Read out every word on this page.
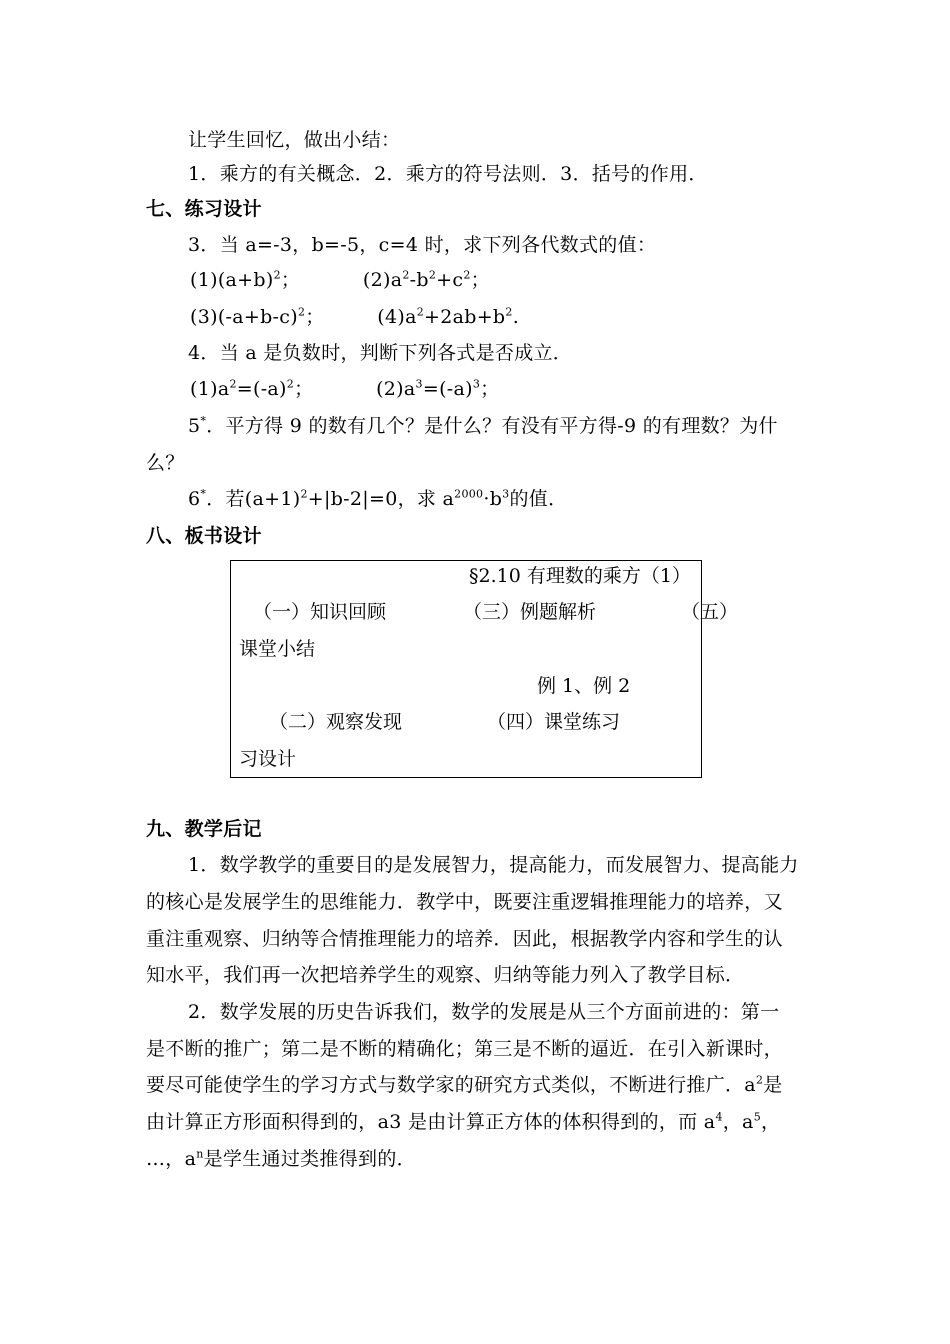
让学生回忆，做出小结：
1．乘方的有关概念．2．乘方的符号法则．3．括号的作用．
七、练习设计
3．当 a=-3，b=-5，c=4 时，求下列各代数式的值：
$(1)(a+b)^2$；	$(2)a^2-b^2+c^2$；
$(3)(-a+b-c)^2$；	$(4)a^2+2ab+b^2$.
4．当 a 是负数时，判断下列各式是否成立．
$(1)a^2=(-a)^2$；	$(2)a^3=(-a)^3$；
5*．平方得 9 的数有几个？是什么？有没有平方得-9 的有理数？为什
么？
6*．若$(a+1)^2+|b-2|=0$，求 $a^{2000}\cdot b^3$的值．
八、板书设计
§2.10 有理数的乘方（1）
（一）知识回顾	（三）例题解析	（五）
课堂小结
例 1、例 2
（二）观察发现	（四）课堂练习
习设计
九、教学后记
1．数学教学的重要目的是发展智力，提高能力，而发展智力、提高能力
的核心是发展学生的思维能力．教学中，既要注重逻辑推理能力的培养，又
重注重观察、归纳等合情推理能力的培养．因此，根据教学内容和学生的认
知水平，我们再一次把培养学生的观察、归纳等能力列入了教学目标．
2．数学发展的历史告诉我们，数学的发展是从三个方面前进的：第一
是不断的推广；第二是不断的精确化；第三是不断的逼近．在引入新课时，
要尽可能使学生的学习方式与数学家的研究方式类似，不断进行推广．$a^2$是
由计算正方形面积得到的，a3 是由计算正方体的体积得到的，而 $a^4$，$a^5$，
…，$a^n$是学生通过类推得到的．
